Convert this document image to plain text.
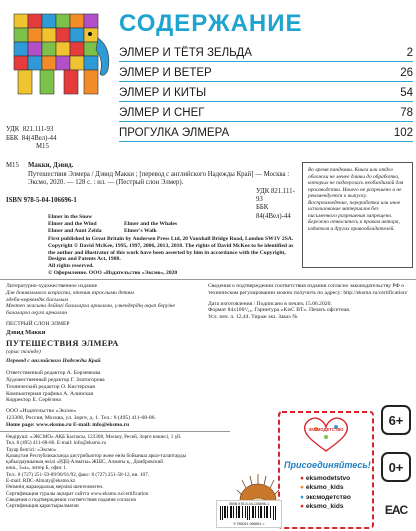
СОДЕРЖАНИЕ
ЭЛМЕР И ТЁТЯ ЗЕЛЬДА	2
ЭЛМЕР И ВЕТЕР	26
ЭЛМЕР И КИТЫ	54
ЭЛМЕР И СНЕГ	78
ПРОГУЛКА ЭЛМЕРА	102
УДК 821.111-93
ББК 84(4Вел)-44
М15
Макки, Дэвид.
М15
Путешествия Элмера / Дэвид Макки ; [перевод с английского Надежды Край] — Москва : Эксмо, 2020. — 128 с. : ил. — (Пестрый слон Элмер).
УДК 821.111-93
ББК 84(4Вел)-44
ISBN 978-5-04-106696-1
Elmer in the Snow
Elmer and the Wind
Elmer and Aunt Zelda
Elmer and the Whales
Elmer's Walk
First published in Great Britain by Andersen Press Ltd, 20 Vauxhall Bridge Road, London SW1V 2SA.
Copyright © David McKee, 1995, 1997, 2006, 2013, 2018. The rights of David McKee to be identified as the author and illustrator of this work have been asserted by him in accordance with the Copyright, Designs and Patents Act, 1988.
All rights reserved.
© Оформление. ООО «Издательство «Эксмо», 2020
Во время пандемии. Книга или отдел обложки не менее длины до обработка, которых не подверглась необходимой для производства. Ничего не разрешено и не рекомендуется к выпуску. Воспроизведение, переработка или иное использование материалов без письменного разрешения запрещено. Бережно относитесь к правам автора, издателя и других правообладателей.
Литературно-художественное издание
Для дошкольного возраста, чтения взрослыми детям
әдеби-көркемдік басылым
Мектеп жасына дейінгі балаларға арналған, үлкендердің оқып беруіне
балаларға оқуға арналған
ПЕСТРЫЙ СЛОН ЭЛМЕР
Дэвид Макки
ПУТЕШЕСТВИЯ ЭЛМЕРА
(орыс тілінде)
Перевод с английского Надежды Край
Ответственный редактор А. Борзенкова
Художественный редактор Г. Златогорова
Технический редактор О. Кистерская
Компьютерная графика А. Алинская
Корректор Е. Серёгина
ООО «Издательство «Эксмо»
123308, Россия, Москва, ул. Зорге, д. 1. Тел.: 8 (495) 411-68-86.
Home page: www.eksmo.ru E-mail: info@eksmo.ru
Сведения о подтверждении соответствия издания согласно законодательству РФ о техническом регулировании можно получить по адресу: http://eksmo.ru/certification/
Дата изготовления / Подписано в печать 15.06.2020.
Формат 84x100¹/₁₆. Гарнитура «KisC BT». Печать офсетная.
Усл. печ. л. 12,44. Тираж экз. Заказ №
Өндіруші: «ЭКСМО» АҚБ Баспасы, 123308, Мәскеу, Ресей, Зорге көшесі, 1 үй.
Тел. 8 (495) 411-68-86. E-mail: info@eksmo.ru
Тауар белгісі: «Эксмо»
Қазақстан Республикасында дистрибьютор және өнім бойынша арыз-талаптарды
қабылдаушының өкілі «РДЦ-Алматы» ЖШС, Алматы қ., Домбровский
көш., 3«а», литер Б, офис 1.
Тел.: 8 (727) 251-59-89/90/91/92, факс: 8 (727) 251-58-12, вн. 107.
E-mail: RDC-Almaty@eksmo.kz
Өнімнің жарамдылық мерзімі шектелмеген.
Сертификация туралы ақпарат сайтта www.eksmo.ru/certification
Сведения о подтверждении соответствия издания согласно
Сертификация қарастырылмаған
ЭКСМОДЕТСТВО
Присоединяйтесь!
● eksmodetstvo
● eksmo_kids
● эксмодетство
● eksmo_kids
ISBN 978-5-04-106696-1
9 785041 066961 >
6+
0+
EAC
